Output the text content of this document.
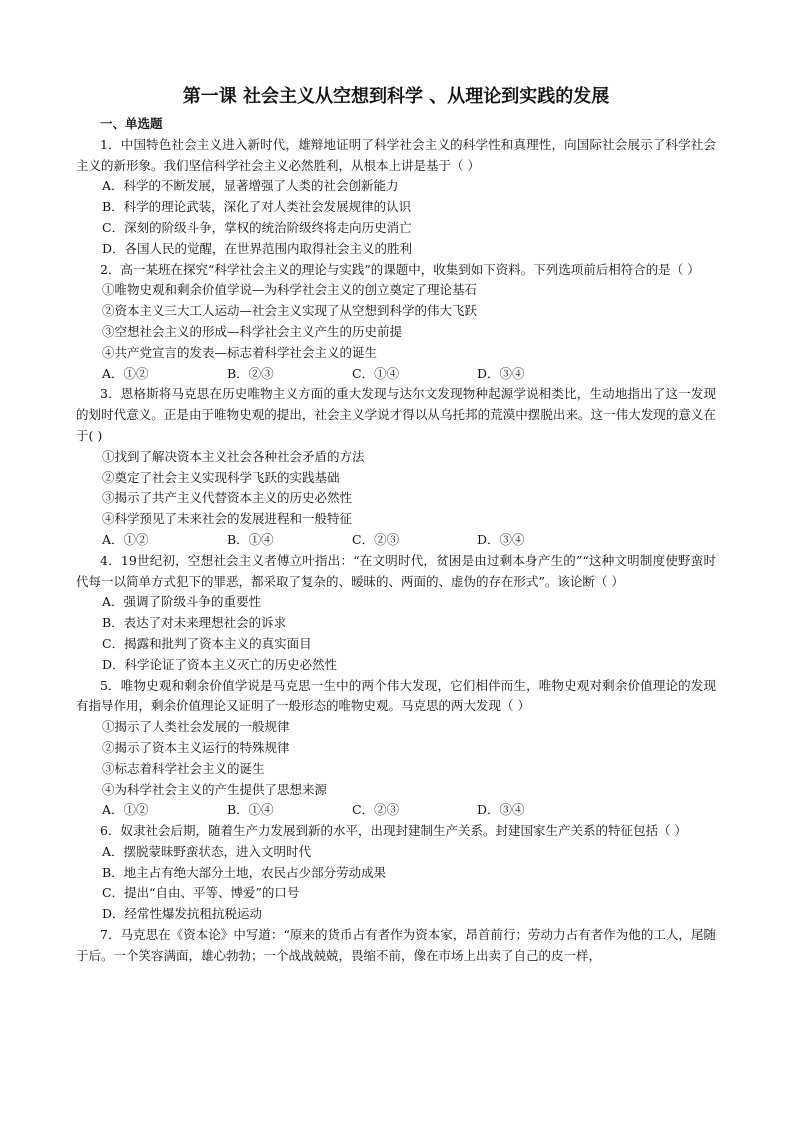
第一课 社会主义从空想到科学 、从理论到实践的发展
一、单选题
1．中国特色社会主义进入新时代，雄辩地证明了科学社会主义的科学性和真理性，向国际社会展示了科学社会主义的新形象。我们坚信科学社会主义必然胜利，从根本上讲是基于（ ）
A．科学的不断发展，显著增强了人类的社会创新能力
B．科学的理论武装，深化了对人类社会发展规律的认识
C．深刻的阶级斗争，掌权的统治阶级终将走向历史消亡
D．各国人民的觉醒，在世界范围内取得社会主义的胜利
2．高一某班在探究“科学社会主义的理论与实践”的课题中，收集到如下资料。下列选项前后相符合的是（ ）
①唯物史观和剩余价值学说—为科学社会主义的创立奠定了理论基石
②资本主义三大工人运动—社会主义实现了从空想到科学的伟大飞跃
③空想社会主义的形成—科学社会主义产生的历史前提
④共产党宣言的发表—标志着科学社会主义的诞生
A．①②	B．②③	C．①④	D．③④
3．恩格斯将马克思在历史唯物主义方面的重大发现与达尔文发现物种起源学说相类比，生动地指出了这一发现的划时代意义。正是由于唯物史观的提出，社会主义学说才得以从乌托邦的荒漠中摆脱出来。这一伟大发现的意义在于( )
①找到了解决资本主义社会各种社会矛盾的方法
②奠定了社会主义实现科学飞跃的实践基础
③揭示了共产主义代替资本主义的历史必然性
④科学预见了未来社会的发展进程和一般特征
A．①②	B．①④	C．②③	D．③④
4．19世纪初，空想社会主义者傅立叶指出：“在文明时代，贫困是由过剩本身产生的”“这种文明制度使野蛮时代每一以简单方式犯下的罪恶，都采取了复杂的、暧昧的、两面的、虚伪的存在形式”。该论断（ ）
A．强调了阶级斗争的重要性
B．表达了对未来理想社会的诉求
C．揭露和批判了资本主义的真实面目
D．科学论证了资本主义灭亡的历史必然性
5．唯物史观和剩余价值学说是马克思一生中的两个伟大发现，它们相伴而生，唯物史观对剩余价值理论的发现有指导作用，剩余价值理论又证明了一般形态的唯物史观。马克思的两大发现（ ）
①揭示了人类社会发展的一般规律
②揭示了资本主义运行的特殊规律
③标志着科学社会主义的诞生
④为科学社会主义的产生提供了思想来源
A．①②	B．①④	C．②③	D．③④
6．奴隶社会后期，随着生产力发展到新的水平，出现封建制生产关系。封建国家生产关系的特征包括（ ）
A．摆脱蒙昧野蛮状态，进入文明时代
B．地主占有绝大部分土地，农民占少部分劳动成果
C．提出“自由、平等、博爱”的口号
D．经常性爆发抗租抗税运动
7．马克思在《资本论》中写道：“原来的货币占有者作为资本家，昂首前行；劳动力占有者作为他的工人，尾随于后。一个笑容满面，雄心勃勃；一个战战兢兢，畏缩不前，像在市场上出卖了自己的皮一样，
